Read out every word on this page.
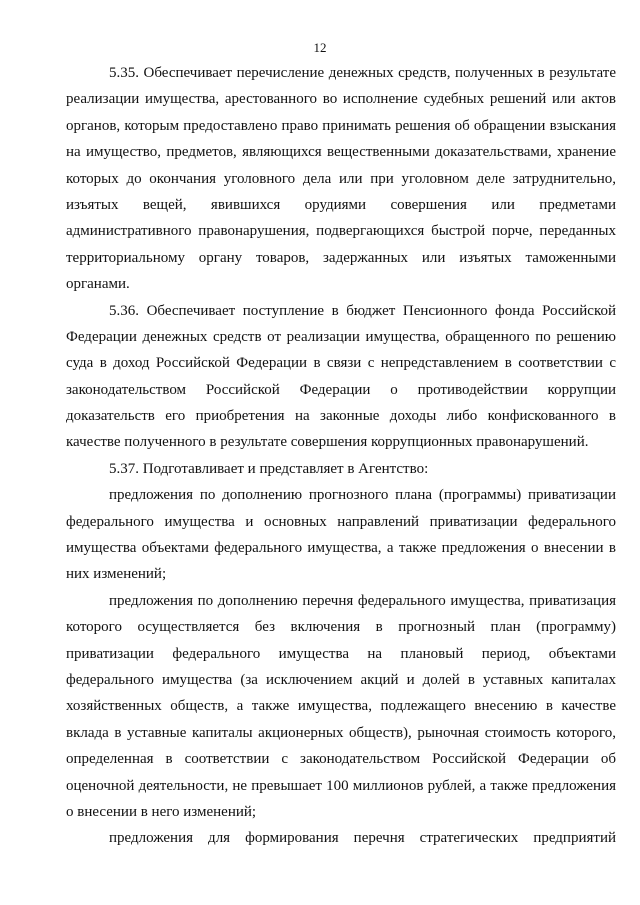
12
5.35. Обеспечивает перечисление денежных средств, полученных в результате
реализации имущества, арестованного во исполнение судебных решений или актов
органов, которым предоставлено право принимать решения об обращении взыскания
на имущество, предметов, являющихся вещественными доказательствами, хранение
которых до окончания уголовного дела или при уголовном деле затруднительно,
изъятых вещей, явившихся орудиями совершения или предметами
административного правонарушения, подвергающихся быстрой порче, переданных
территориальному органу товаров, задержанных или изъятых таможенными
органами.
5.36. Обеспечивает поступление в бюджет Пенсионного фонда Российской
Федерации денежных средств от реализации имущества, обращенного по решению
суда в доход Российской Федерации в связи с непредставлением в соответствии с
законодательством Российской Федерации о противодействии коррупции
доказательств его приобретения на законные доходы либо конфискованного в
качестве полученного в результате совершения коррупционных правонарушений.
5.37. Подготавливает и представляет в Агентство:
предложения по дополнению прогнозного плана (программы) приватизации
федерального имущества и основных направлений приватизации федерального
имущества объектами федерального имущества, а также предложения о внесении в
них изменений;
предложения по дополнению перечня федерального имущества, приватизация
которого осуществляется без включения в прогнозный план (программу)
приватизации федерального имущества на плановый период, объектами
федерального имущества (за исключением акций и долей в уставных капиталах
хозяйственных обществ, а также имущества, подлежащего внесению в качестве
вклада в уставные капиталы акционерных обществ), рыночная стоимость которого,
определенная в соответствии с законодательством Российской Федерации об
оценочной деятельности, не превышает 100 миллионов рублей, а также предложения
о внесении в него изменений;
предложения для формирования перечня стратегических предприятий
